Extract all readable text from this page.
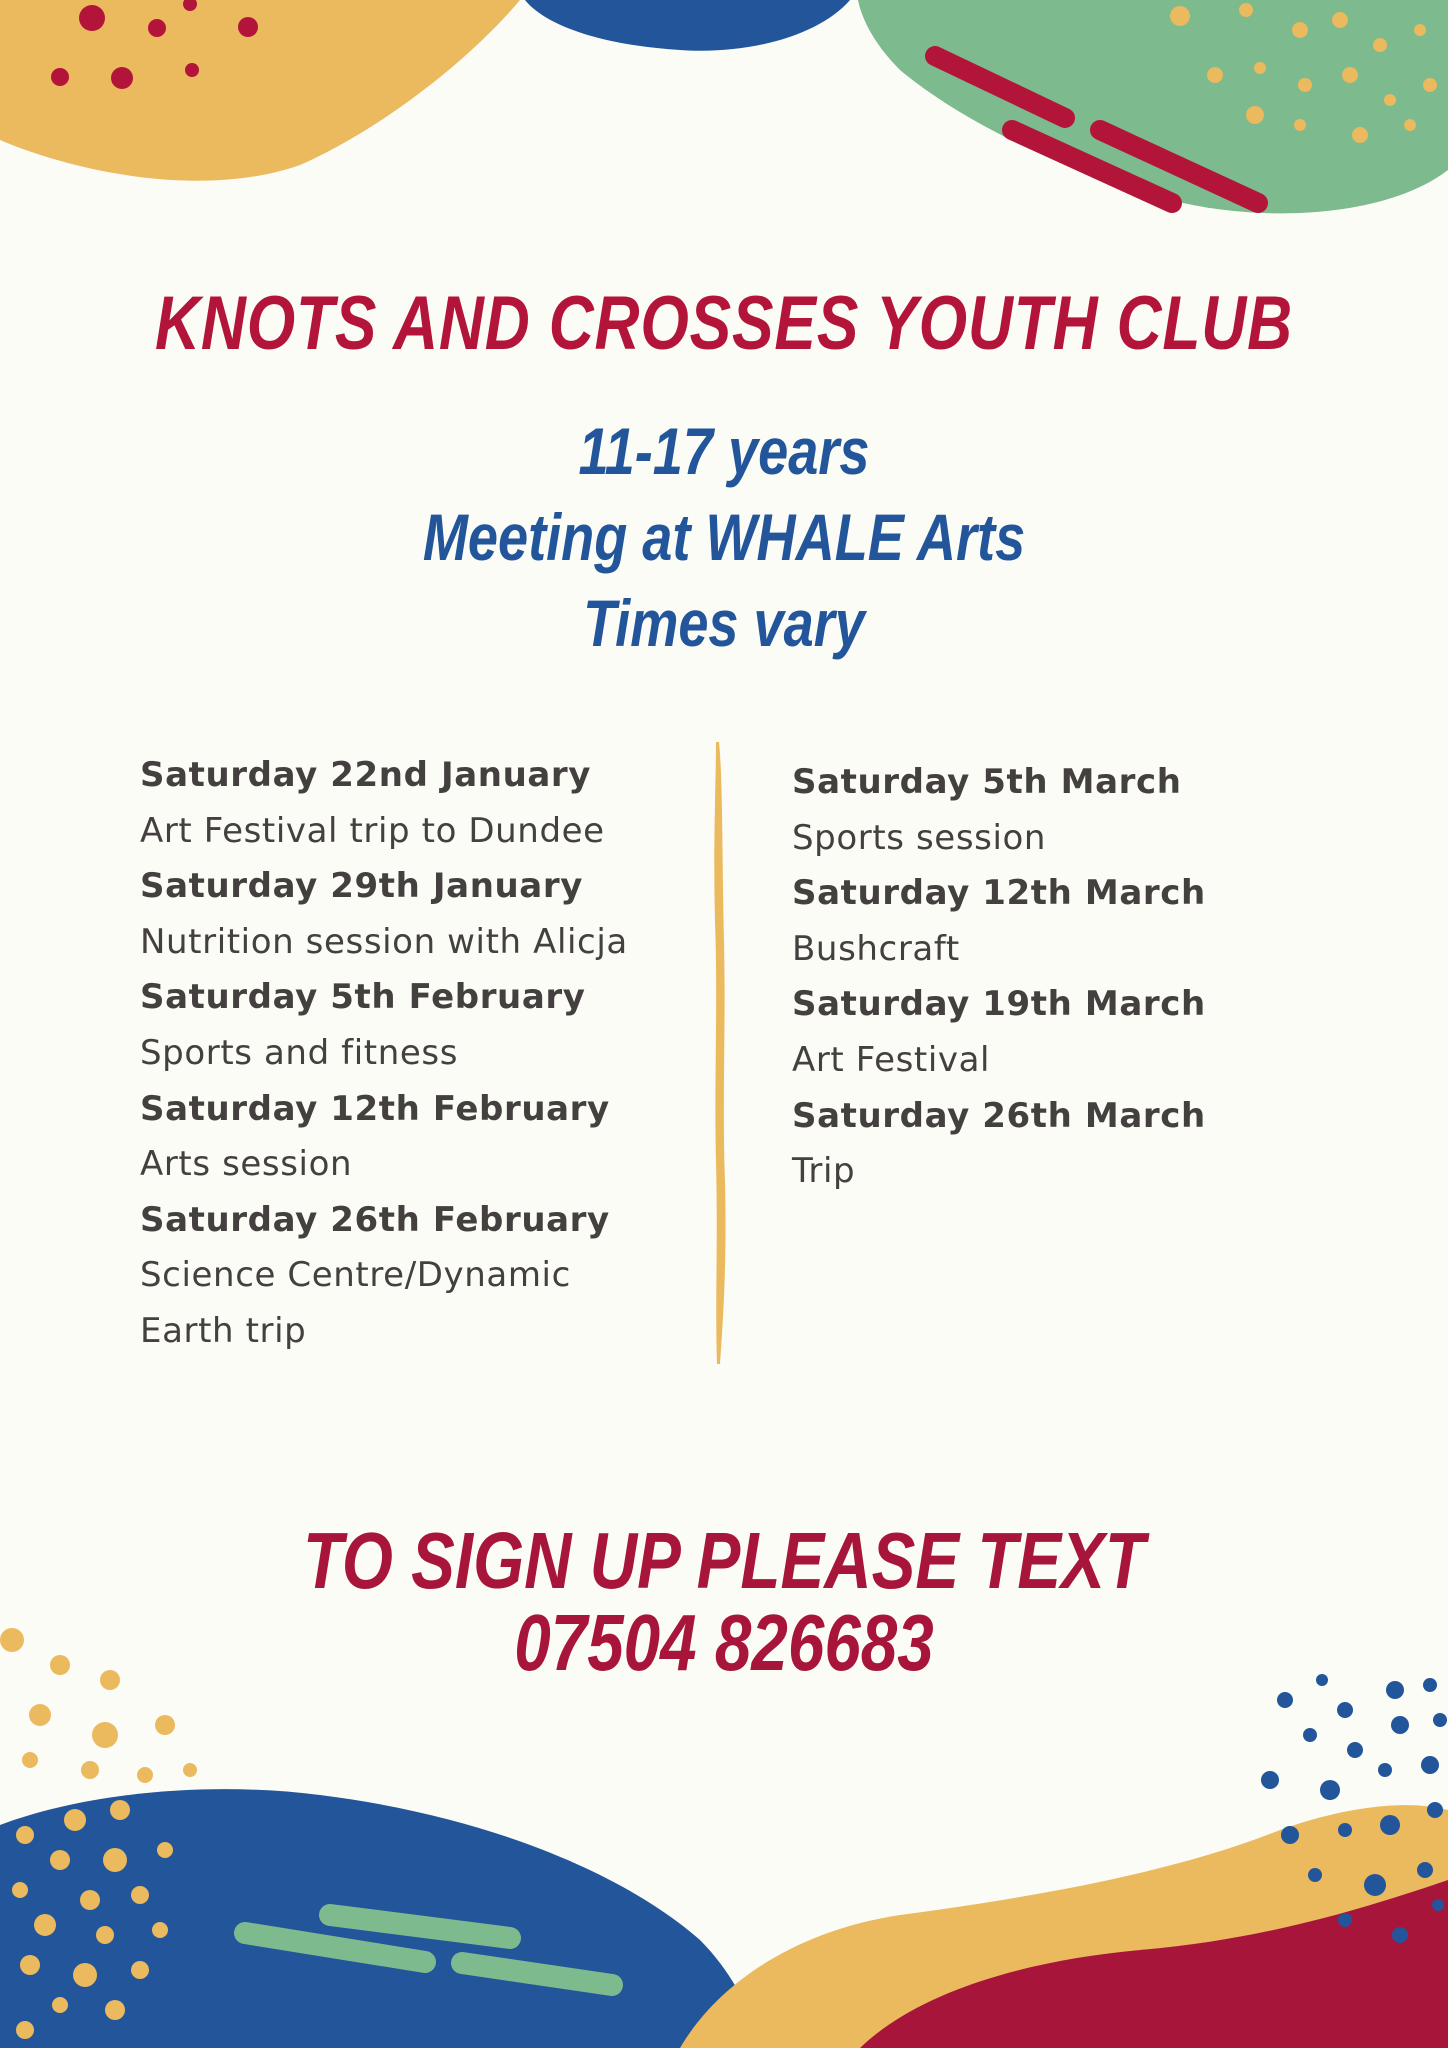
KNOTS AND CROSSES YOUTH CLUB
11-17 years
Meeting at WHALE Arts
Times vary
Saturday 22nd January
Art Festival trip to Dundee
Saturday 29th January
Nutrition session with Alicja
Saturday 5th February
Sports and fitness
Saturday 12th February
Arts session
Saturday 26th February
Science Centre/Dynamic Earth trip
Saturday 5th March
Sports session
Saturday 12th March
Bushcraft
Saturday 19th March
Art Festival
Saturday 26th March
Trip
TO SIGN UP PLEASE TEXT
07504 826683
